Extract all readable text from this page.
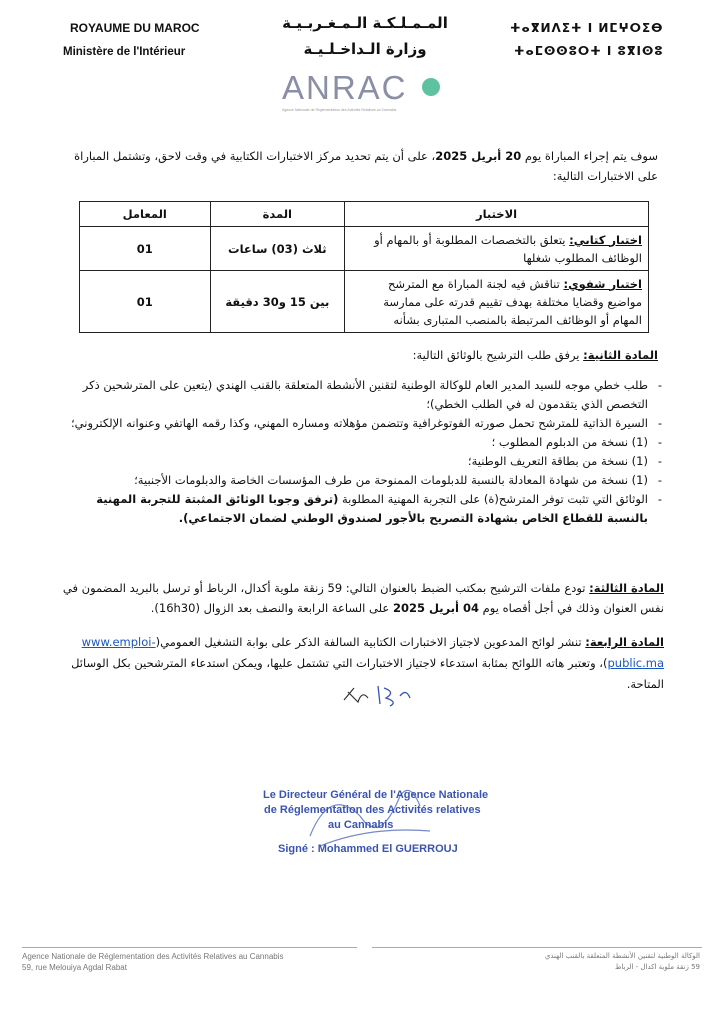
ROYAUME DU MAROC
Ministère de l'Intérieur
المـمـلـكـة الـمـغـربـيـة
وزارة الـداخـلـيـة
ⵜⴰⴳⵍⴷⵉⵜ ⵏ ⵍⵎⵖⵔⵉⴱ
ⵜⴰⵎⵙⵙⵓⵔⵜ ⵏ ⵓⴳⵏⵙⵓ
ANRAC
Agence Nationale de Réglementation des Activités Relatives au Cannabis
سوف يتم إجراء المباراة يوم 20 أبريل 2025، على أن يتم تحديد مركز الاختبارات الكتابية في وقت لاحق، وتشتمل المباراة على الاختبارات التالية:
الاختبار	المدة	المعامل
اختبار كتابي: يتعلق بالتخصصات المطلوبة أو بالمهام أو الوظائف المطلوب شغلها	ثلاث (03) ساعات	01
اختبار شفوي: تناقش فيه لجنة المباراة مع المترشح مواضيع وقضايا مختلفة بهدف تقييم قدرته على ممارسة المهام أو الوظائف المرتبطة بالمنصب المتبارى بشأنه	بين 15 و30 دقيقة	01
المادة الثانية: يرفق طلب الترشيح بالوثائق التالية:
- طلب خطي موجه للسيد المدير العام للوكالة الوطنية لتقنين الأنشطة المتعلقة بالقنب الهندي (يتعين على المترشحين ذكر التخصص الذي يتقدمون له في الطلب الخطي)؛
- السيرة الذاتية للمترشح تحمل صورته الفوتوغرافية وتتضمن مؤهلاته ومساره المهني، وكذا رقمه الهاتفي وعنوانه الإلكتروني؛
- (1) نسخة من الدبلوم المطلوب ؛
- (1) نسخة من بطاقة التعريف الوطنية؛
- (1) نسخة من شهادة المعادلة بالنسبة للدبلومات الممنوحة من طرف المؤسسات الخاصة والدبلومات الأجنبية؛
- الوثائق التي تثبت توفر المترشح(ة) على التجربة المهنية المطلوبة (ترفق وجوبا الوثائق المثبتة للتجربة المهنية بالنسبة للقطاع الخاص بشهادة التصريح بالأجور لصندوق الوطني لضمان الاجتماعي).
المادة الثالثة: تودع ملفات الترشيح بمكتب الضبط بالعنوان التالي: 59 زنقة ملوية أكدال، الرباط أو ترسل بالبريد المضمون في نفس العنوان وذلك في أجل أقصاه يوم 04 أبريل 2025 على الساعة الرابعة والنصف بعد الزوال (16h30).
المادة الرابعة: تنشر لوائح المدعوين لاجتياز الاختبارات الكتابية السالفة الذكر على بوابة التشغيل العمومي(www.emploi-public.ma)، وتعتبر هاته اللوائح بمثابة استدعاء لاجتياز الاختبارات التي تشتمل عليها، ويمكن استدعاء المترشحين بكل الوسائل المتاحة.
Le Directeur Général de l'Agence Nationale
de Réglementation des Activités relatives
au Cannabis
Signé : Mohammed El GUERROUJ
Agence Nationale de Réglementation des Activités Relatives au Cannabis
59, rue Melouiya Agdal Rabat
الوكالة الوطنية لتقنين الأنشطة المتعلقة بالقنب الهندي
59 زنقة ملوية اكدال - الرباط
